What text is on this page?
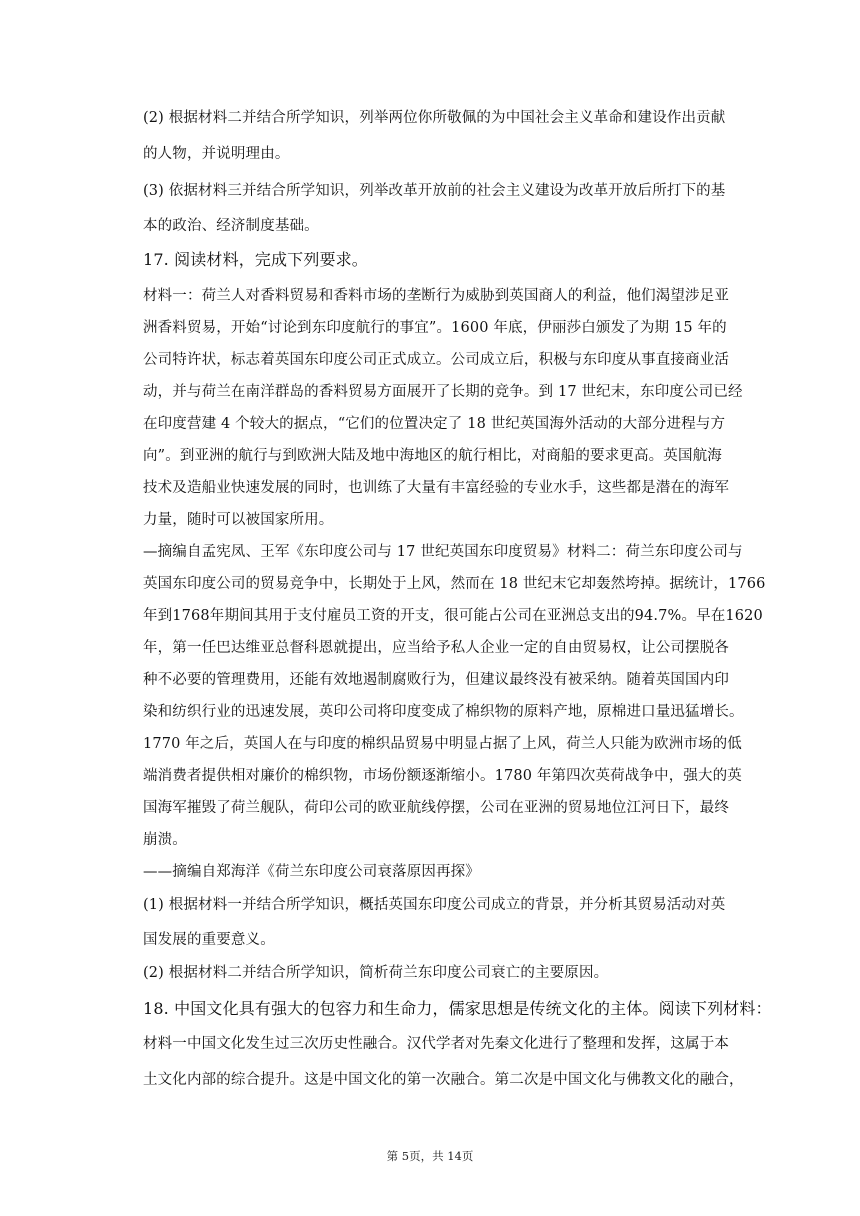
(2) 根据材料二并结合所学知识，列举两位你所敬佩的为中国社会主义革命和建设作出贡献
的人物，并说明理由。
(3) 依据材料三并结合所学知识，列举改革开放前的社会主义建设为改革开放后所打下的基
本的政治、经济制度基础。
17. 阅读材料，完成下列要求。
材料一：荷兰人对香料贸易和香料市场的垄断行为威胁到英国商人的利益，他们渴望涉足亚
洲香料贸易，开始“讨论到东印度航行的事宜”。1600 年底，伊丽莎白颁发了为期 15 年的
公司特许状，标志着英国东印度公司正式成立。公司成立后，积极与东印度从事直接商业活
动，并与荷兰在南洋群岛的香料贸易方面展开了长期的竞争。到 17 世纪末，东印度公司已经
在印度营建 4 个较大的据点，“它们的位置决定了 18 世纪英国海外活动的大部分进程与方
向”。到亚洲的航行与到欧洲大陆及地中海地区的航行相比，对商船的要求更高。英国航海
技术及造船业快速发展的同时，也训练了大量有丰富经验的专业水手，这些都是潜在的海军
力量，随时可以被国家所用。
—摘编自孟宪凤、王军《东印度公司与 17 世纪英国东印度贸易》材料二：荷兰东印度公司与
英国东印度公司的贸易竞争中，长期处于上风，然而在 18 世纪末它却轰然垮掉。据统计，1766
年到1768年期间其用于支付雇员工资的开支，很可能占公司在亚洲总支出的94.7%。早在1620
年，第一任巴达维亚总督科恩就提出，应当给予私人企业一定的自由贸易权，让公司摆脱各
种不必要的管理费用，还能有效地遏制腐败行为，但建议最终没有被采纳。随着英国国内印
染和纺织行业的迅速发展，英印公司将印度变成了棉织物的原料产地，原棉进口量迅猛增长。
1770 年之后，英国人在与印度的棉织品贸易中明显占据了上风，荷兰人只能为欧洲市场的低
端消费者提供相对廉价的棉织物，市场份额逐渐缩小。1780 年第四次英荷战争中，强大的英
国海军摧毁了荷兰舰队，荷印公司的欧亚航线停摆，公司在亚洲的贸易地位江河日下，最终
崩溃。
——摘编自郑海洋《荷兰东印度公司衰落原因再探》
(1) 根据材料一并结合所学知识，概括英国东印度公司成立的背景，并分析其贸易活动对英
国发展的重要意义。
(2) 根据材料二并结合所学知识，简析荷兰东印度公司衰亡的主要原因。
18. 中国文化具有强大的包容力和生命力，儒家思想是传统文化的主体。阅读下列材料：
材料一中国文化发生过三次历史性融合。汉代学者对先秦文化进行了整理和发挥，这属于本
土文化内部的综合提升。这是中国文化的第一次融合。第二次是中国文化与佛教文化的融合，
第 5页，共 14页
